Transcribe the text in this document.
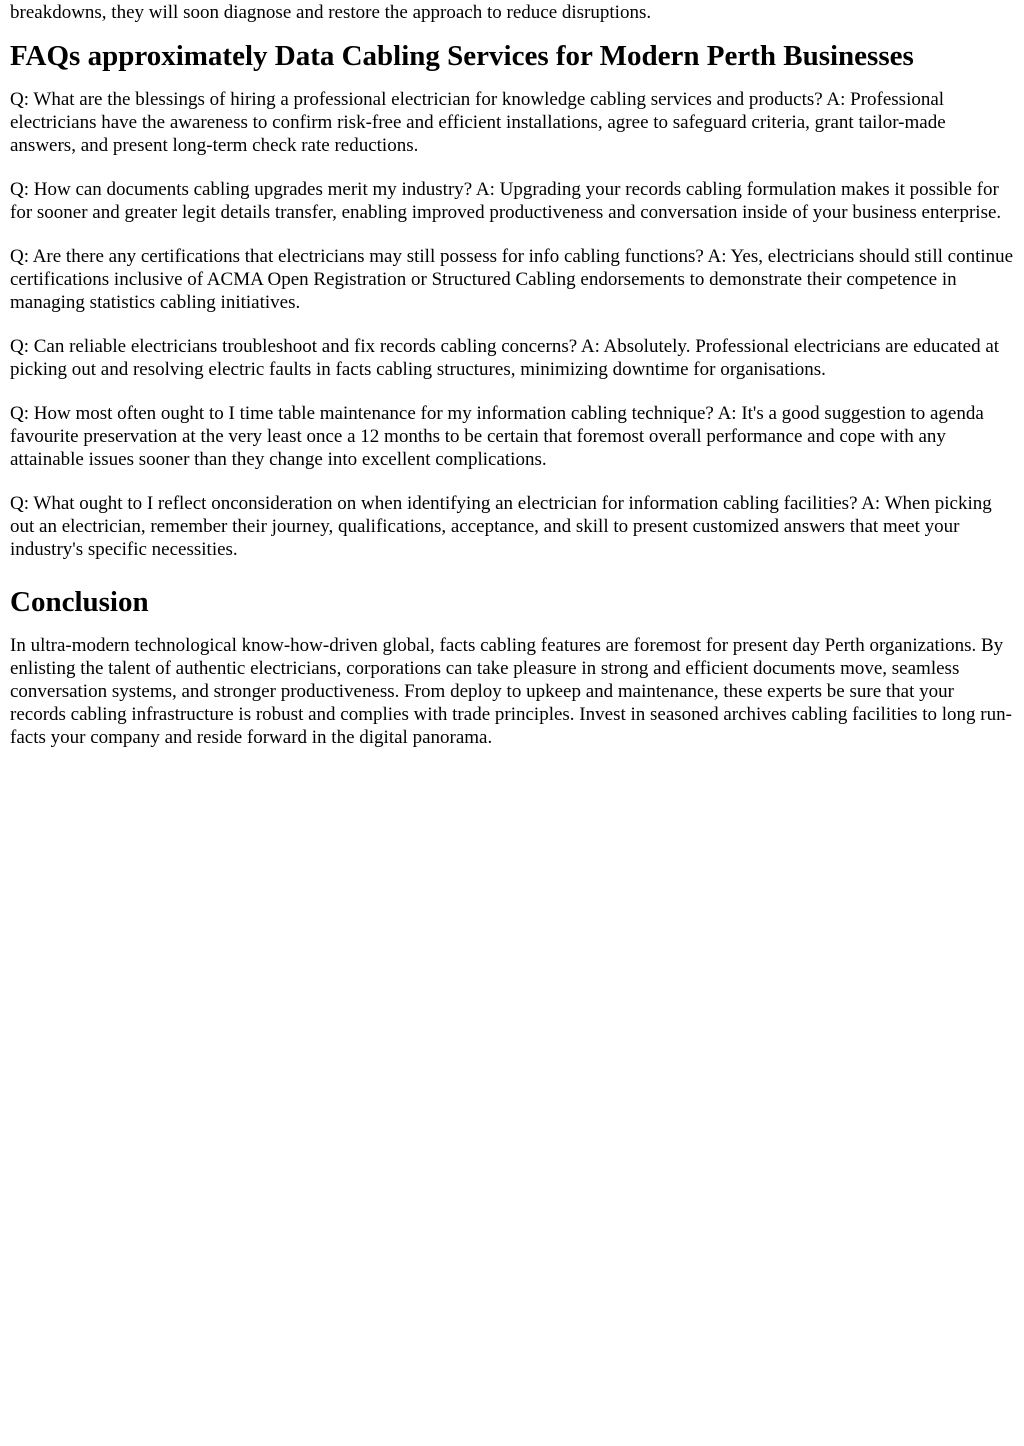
breakdowns, they will soon diagnose and restore the approach to reduce disruptions.

FAQs approximately Data Cabling Services for Modern Perth Businesses

Q: What are the blessings of hiring a professional electrician for knowledge cabling services and products? A: Professional electricians have the awareness to confirm risk-free and efficient installations, agree to safeguard criteria, grant tailor-made answers, and present long-term check rate reductions.

Q: How can documents cabling upgrades merit my industry? A: Upgrading your records cabling formulation makes it possible for for sooner and greater legit details transfer, enabling improved productiveness and conversation inside of your business enterprise.

Q: Are there any certifications that electricians may still possess for info cabling functions? A: Yes, electricians should still continue certifications inclusive of ACMA Open Registration or Structured Cabling endorsements to demonstrate their competence in managing statistics cabling initiatives.

Q: Can reliable electricians troubleshoot and fix records cabling concerns? A: Absolutely. Professional electricians are educated at picking out and resolving electric faults in facts cabling structures, minimizing downtime for organisations.

Q: How most often ought to I time table maintenance for my information cabling technique? A: It's a good suggestion to agenda favourite preservation at the very least once a 12 months to be certain that foremost overall performance and cope with any attainable issues sooner than they change into excellent complications.

Q: What ought to I reflect onconsideration on when identifying an electrician for information cabling facilities? A: When picking out an electrician, remember their journey, qualifications, acceptance, and skill to present customized answers that meet your industry's specific necessities.

Conclusion

In ultra-modern technological know-how-driven global, facts cabling features are foremost for present day Perth organizations. By enlisting the talent of authentic electricians, corporations can take pleasure in strong and efficient documents move, seamless conversation systems, and stronger productiveness. From deploy to upkeep and maintenance, these experts be sure that your records cabling infrastructure is robust and complies with trade principles. Invest in seasoned archives cabling facilities to long run-facts your company and reside forward in the digital panorama.
